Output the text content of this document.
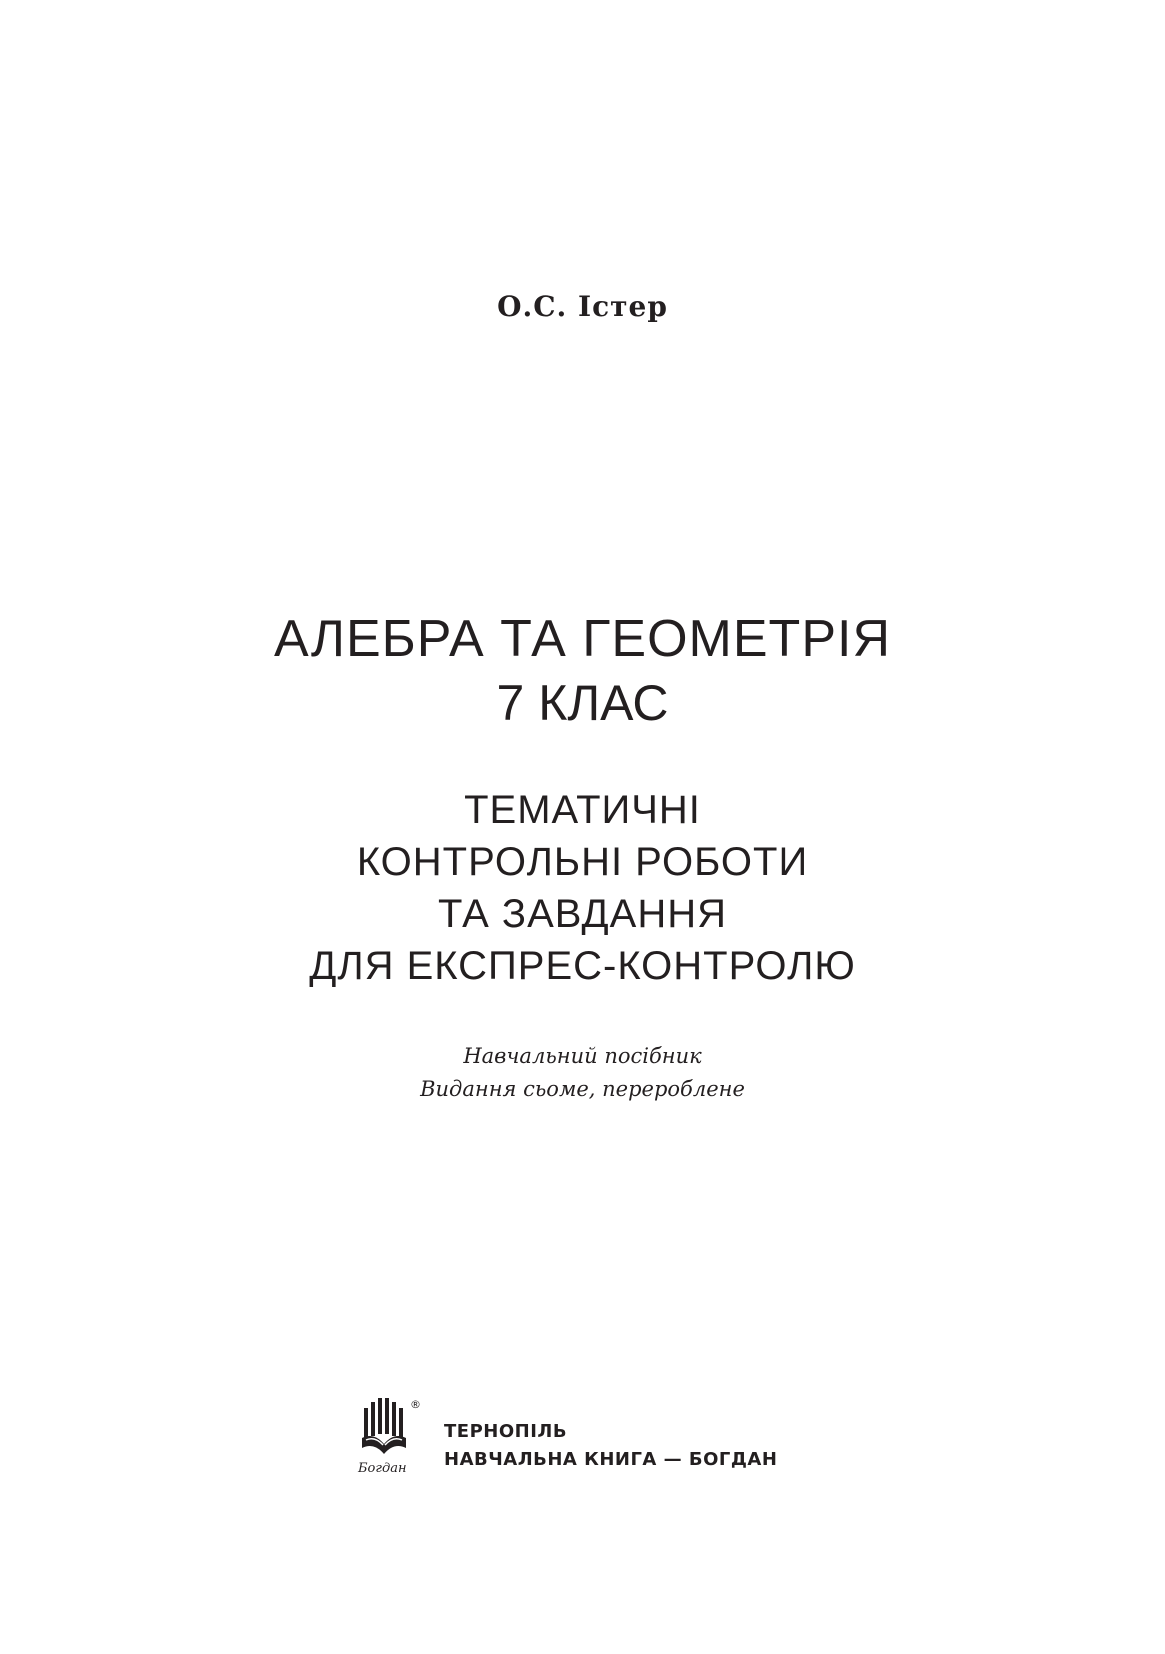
О.С. Істер
АЛЕБРА ТА ГЕОМЕТРІЯ
7 КЛАС
ТЕМАТИЧНІ
КОНТРОЛЬНІ РОБОТИ
ТА ЗАВДАННЯ
ДЛЯ ЕКСПРЕС-КОНТРОЛЮ
Навчальний посібник
Видання сьоме, перероблене
®
Богдан
ТЕРНОПІЛЬ
НАВЧАЛЬНА КНИГА — БОГДАН
